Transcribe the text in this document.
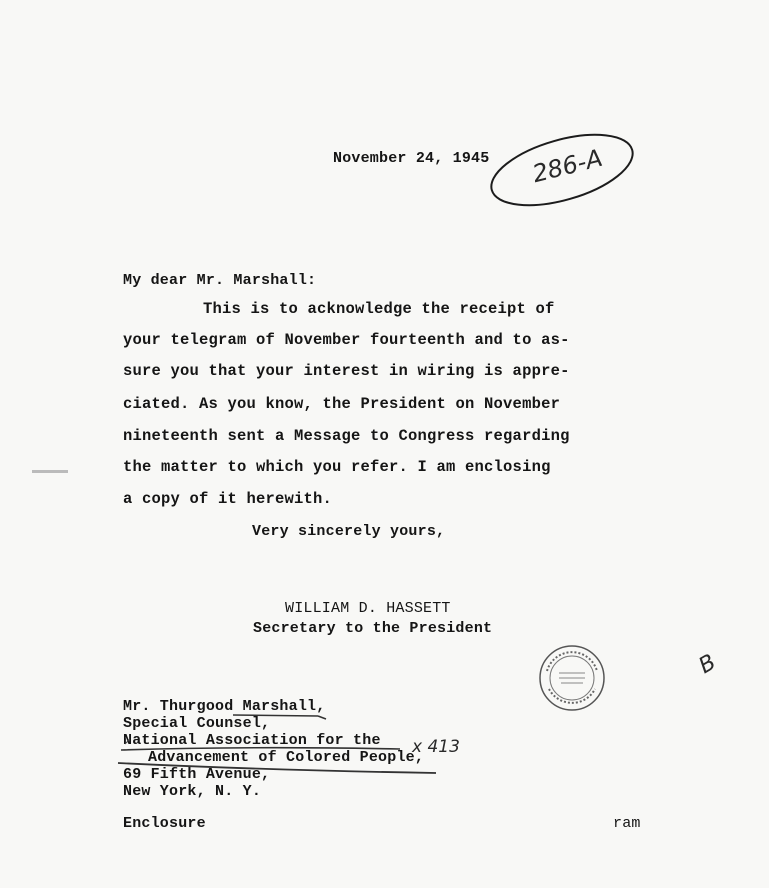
November 24, 1945 286-A
My dear Mr. Marshall:
This is to acknowledge the receipt of
your telegram of November fourteenth and to as-
sure you that your interest in wiring is appre-
ciated. As you know, the President on November
nineteenth sent a Message to Congress regarding
the matter to which you refer. I am enclosing
a copy of it herewith.
Very sincerely yours,
WILLIAM D. HASSETT
Secretary to the President
B
Mr. Thurgood Marshall,
Special Counsel,
National Association for the
Advancement of Colored People,
69 Fifth Avenue,
New York, N. Y.
x 413
Enclosure	ram
